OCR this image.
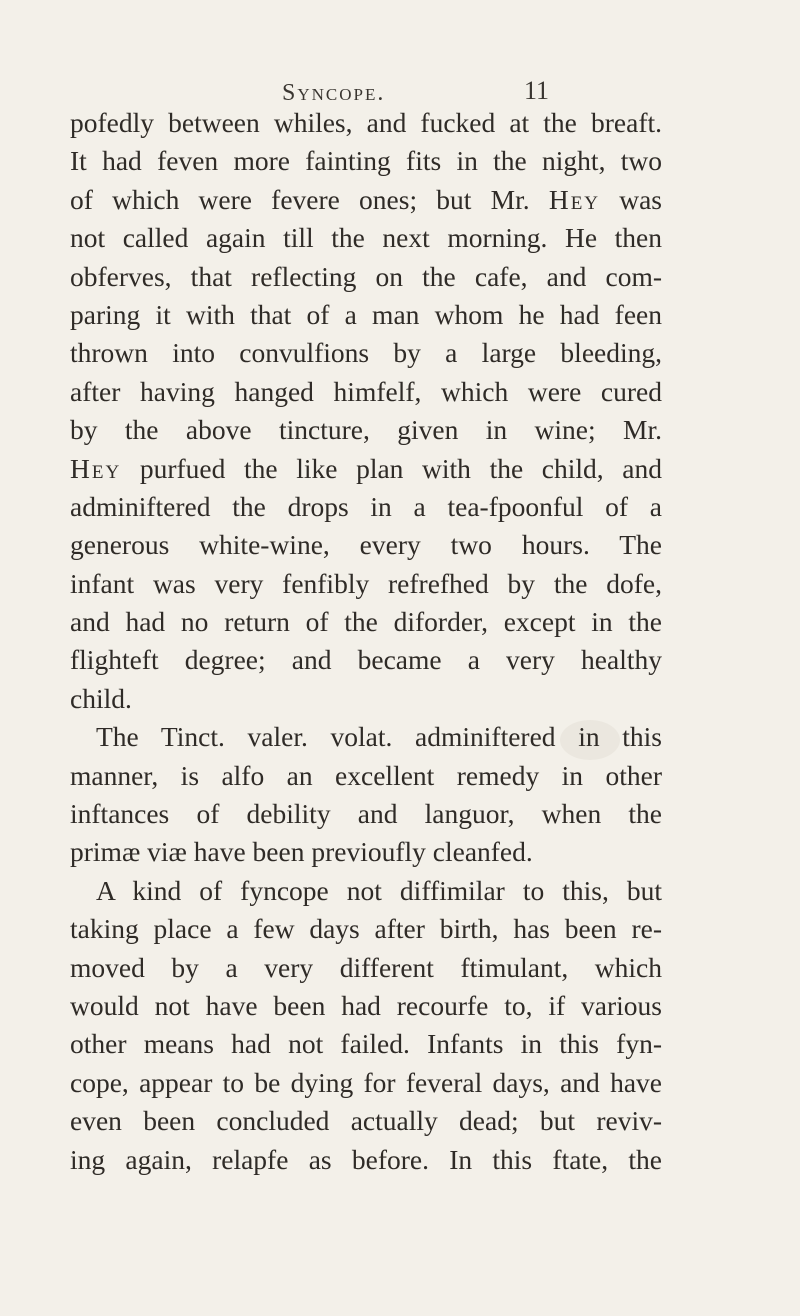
Syncope.	11
pofedly between whiles, and fucked at the breaft.
It had feven more fainting fits in the night, two
of which were fevere ones; but Mr. Hey was
not called again till the next morning. He then
obferves, that reflecting on the cafe, and com-
paring it with that of a man whom he had feen
thrown into convulfions by a large bleeding,
after having hanged himfelf, which were cured
by the above tincture, given in wine; Mr.
Hey purfued the like plan with the child, and
adminiftered the drops in a tea-fpoonful of a
generous white-wine, every two hours. The
infant was very fenfibly refrefhed by the dofe,
and had no return of the diforder, except in the
flighteft degree; and became a very healthy
child.
The Tinct. valer. volat. adminiftered in this
manner, is alfo an excellent remedy in other
inftances of debility and languor, when the
primæ viæ have been previoufly cleanfed.
A kind of fyncope not diffimilar to this, but
taking place a few days after birth, has been re-
moved by a very different ftimulant, which
would not have been had recourfe to, if various
other means had not failed. Infants in this fyn-
cope, appear to be dying for feveral days, and have
even been concluded actually dead; but reviv-
ing again, relapfe as before. In this ftate, the
